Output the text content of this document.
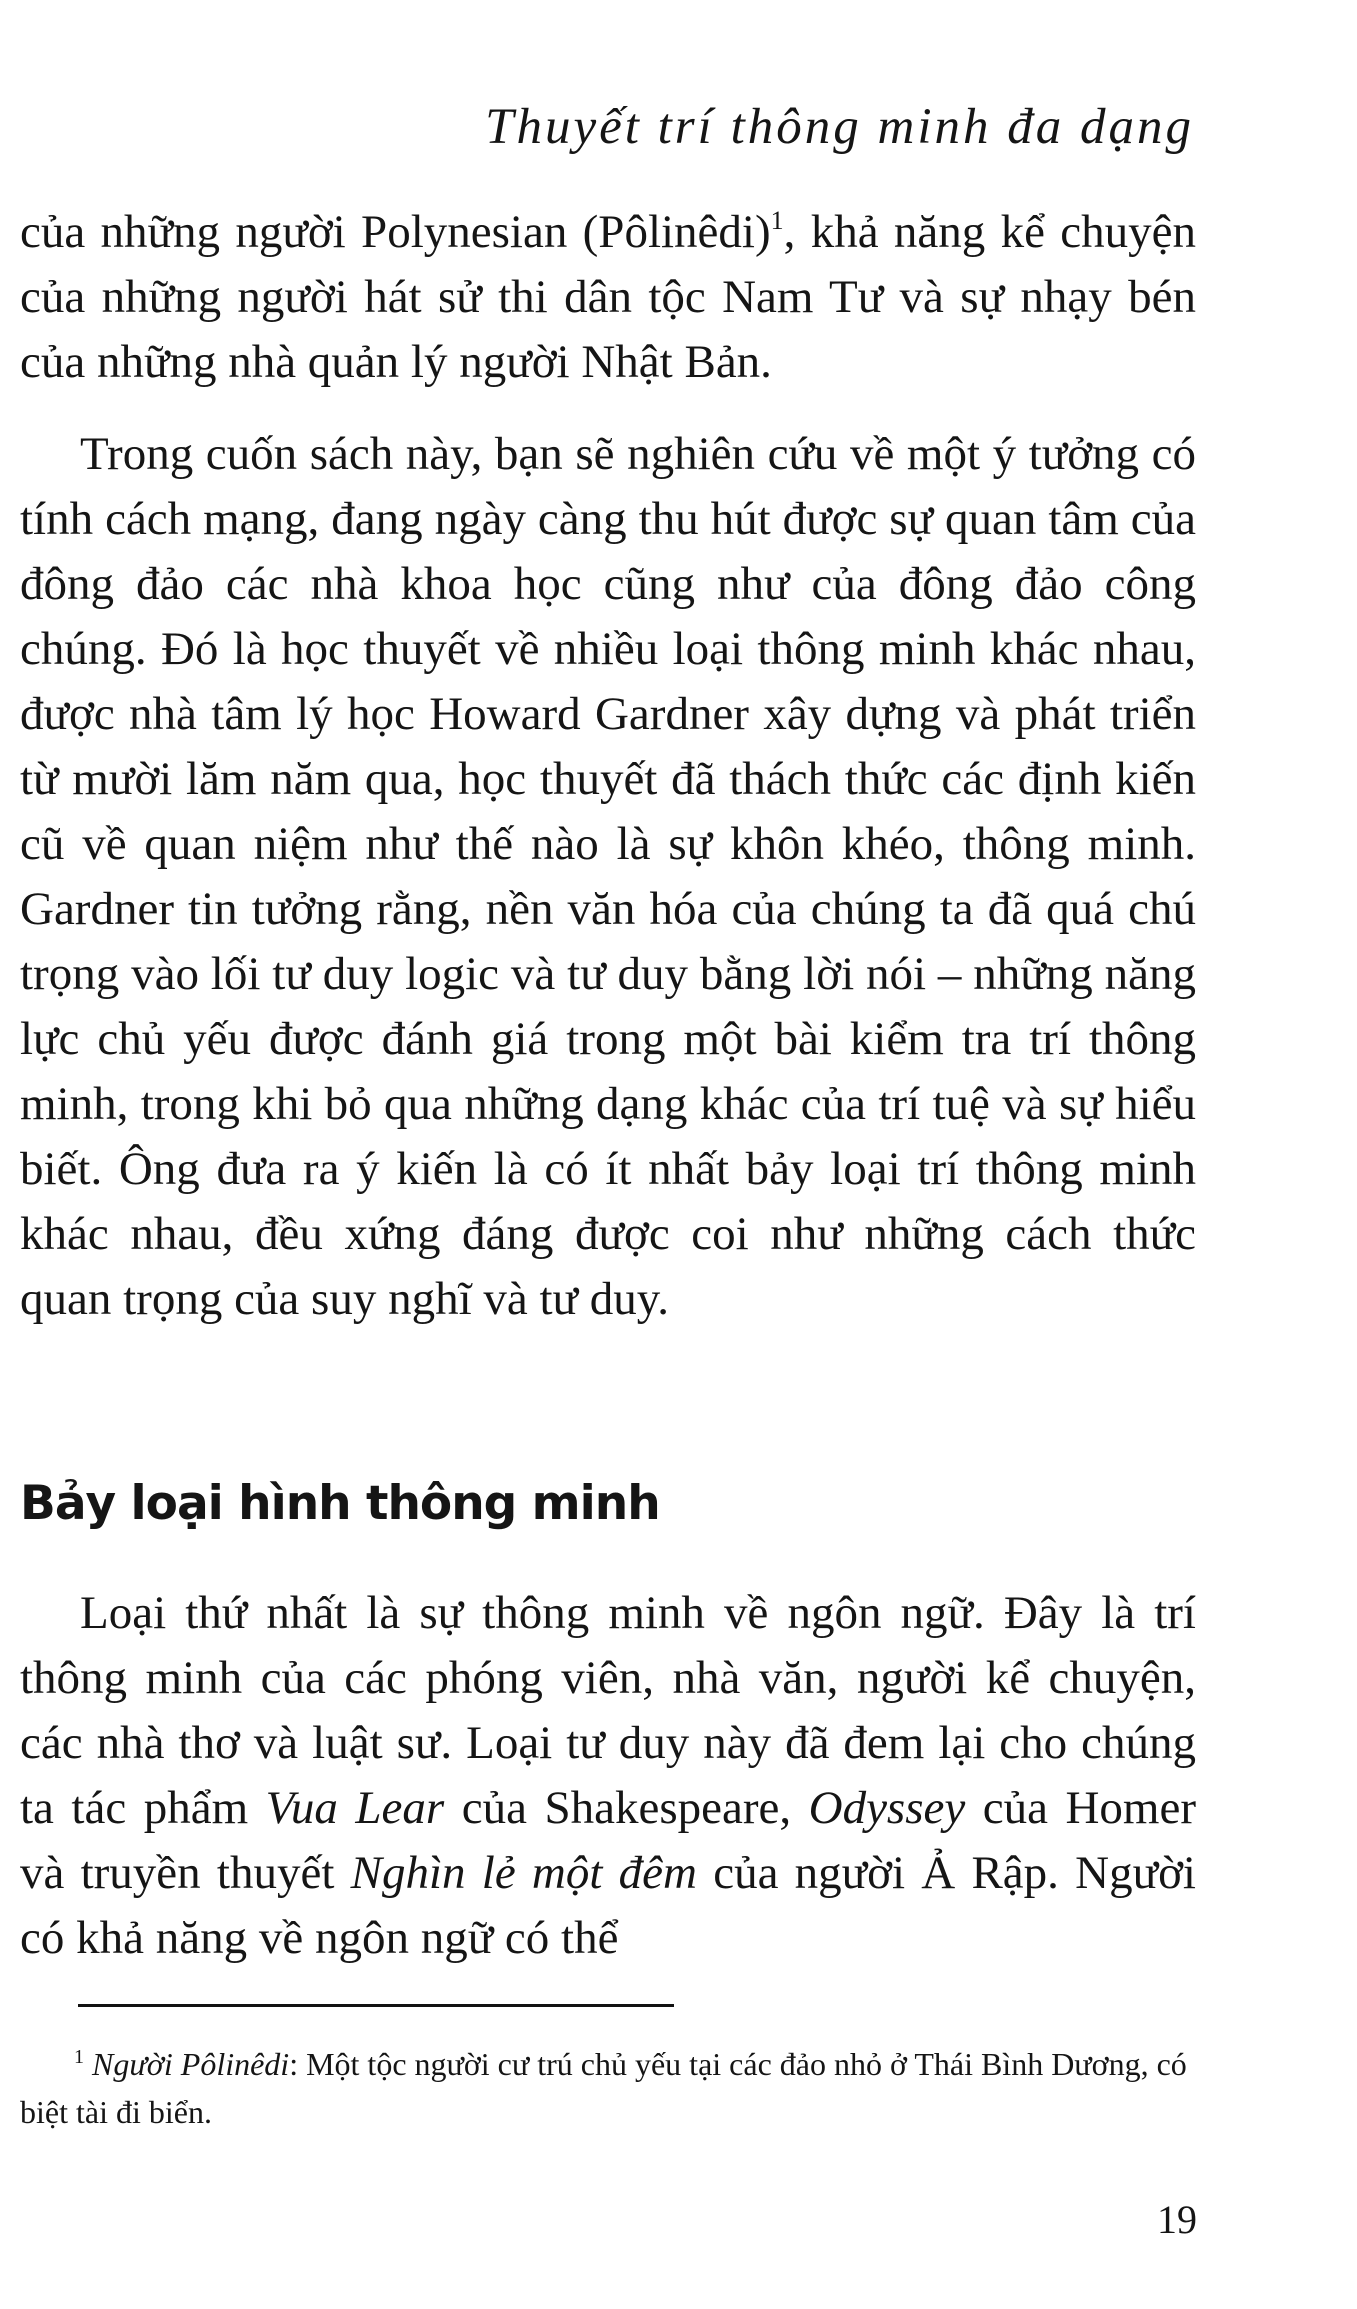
Thuyết trí thông minh đa dạng

của những người Polynesian (Pôlinêdi)$^1$, khả năng kể chuyện của những người hát sử thi dân tộc Nam Tư và sự nhạy bén của những nhà quản lý người Nhật Bản.

Trong cuốn sách này, bạn sẽ nghiên cứu về một ý tưởng có tính cách mạng, đang ngày càng thu hút được sự quan tâm của đông đảo các nhà khoa học cũng như của đông đảo công chúng. Đó là học thuyết về nhiều loại thông minh khác nhau, được nhà tâm lý học Howard Gardner xây dựng và phát triển từ mười lăm năm qua, học thuyết đã thách thức các định kiến cũ về quan niệm như thế nào là sự khôn khéo, thông minh. Gardner tin tưởng rằng, nền văn hóa của chúng ta đã quá chú trọng vào lối tư duy logic và tư duy bằng lời nói – những năng lực chủ yếu được đánh giá trong một bài kiểm tra trí thông minh, trong khi bỏ qua những dạng khác của trí tuệ và sự hiểu biết. Ông đưa ra ý kiến là có ít nhất bảy loại trí thông minh khác nhau, đều xứng đáng được coi như những cách thức quan trọng của suy nghĩ và tư duy.

Bảy loại hình thông minh

Loại thứ nhất là sự thông minh về ngôn ngữ. Đây là trí thông minh của các phóng viên, nhà văn, người kể chuyện, các nhà thơ và luật sư. Loại tư duy này đã đem lại cho chúng ta tác phẩm Vua Lear của Shakespeare, Odyssey của Homer và truyền thuyết Nghìn lẻ một đêm của người Ả Rập. Người có khả năng về ngôn ngữ có thể

$^1$ Người Pôlinêdi: Một tộc người cư trú chủ yếu tại các đảo nhỏ ở Thái Bình Dương, có biệt tài đi biển.

19
